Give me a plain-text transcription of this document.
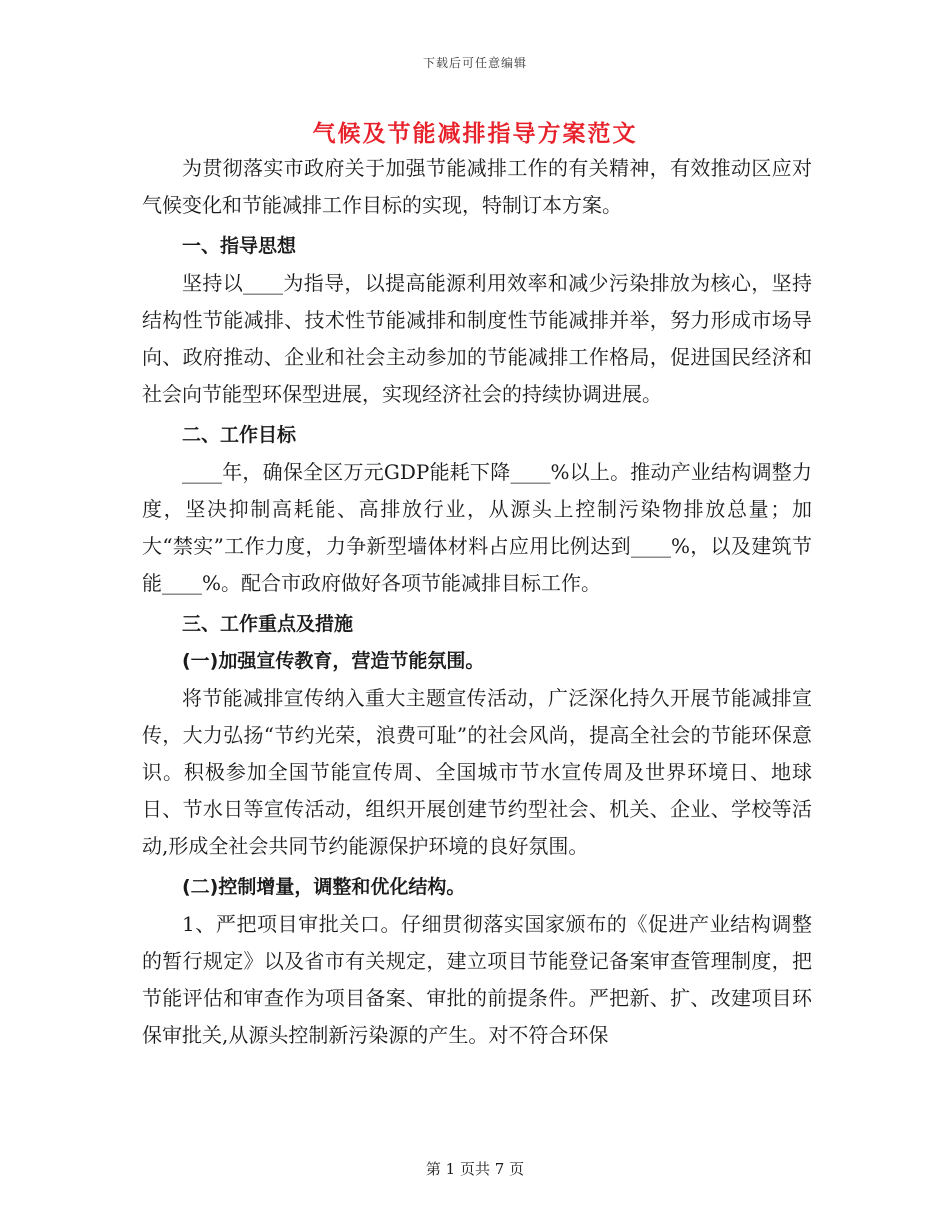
下载后可任意编辑
气候及节能减排指导方案范文

为贯彻落实市政府关于加强节能减排工作的有关精神，有效推动区应对气候变化和节能减排工作目标的实现，特制订本方案。

一、指导思想

坚持以____为指导，以提高能源利用效率和减少污染排放为核心，坚持结构性节能减排、技术性节能减排和制度性节能减排并举，努力形成市场导向、政府推动、企业和社会主动参加的节能减排工作格局，促进国民经济和社会向节能型环保型进展，实现经济社会的持续协调进展。

二、工作目标

____年，确保全区万元GDP能耗下降____%以上。推动产业结构调整力度，坚决抑制高耗能、高排放行业，从源头上控制污染物排放总量；加大“禁实”工作力度，力争新型墙体材料占应用比例达到____%，以及建筑节能____%。配合市政府做好各项节能减排目标工作。

三、工作重点及措施

(一)加强宣传教育，营造节能氛围。

将节能减排宣传纳入重大主题宣传活动，广泛深化持久开展节能减排宣传，大力弘扬“节约光荣，浪费可耻”的社会风尚，提高全社会的节能环保意识。积极参加全国节能宣传周、全国城市节水宣传周及世界环境日、地球日、节水日等宣传活动，组织开展创建节约型社会、机关、企业、学校等活动,形成全社会共同节约能源保护环境的良好氛围。

(二)控制增量，调整和优化结构。

1、严把项目审批关口。仔细贯彻落实国家颁布的《促进产业结构调整的暂行规定》以及省市有关规定，建立项目节能登记备案审查管理制度，把节能评估和审查作为项目备案、审批的前提条件。严把新、扩、改建项目环保审批关,从源头控制新污染源的产生。对不符合环保

第 1 页共 7 页
